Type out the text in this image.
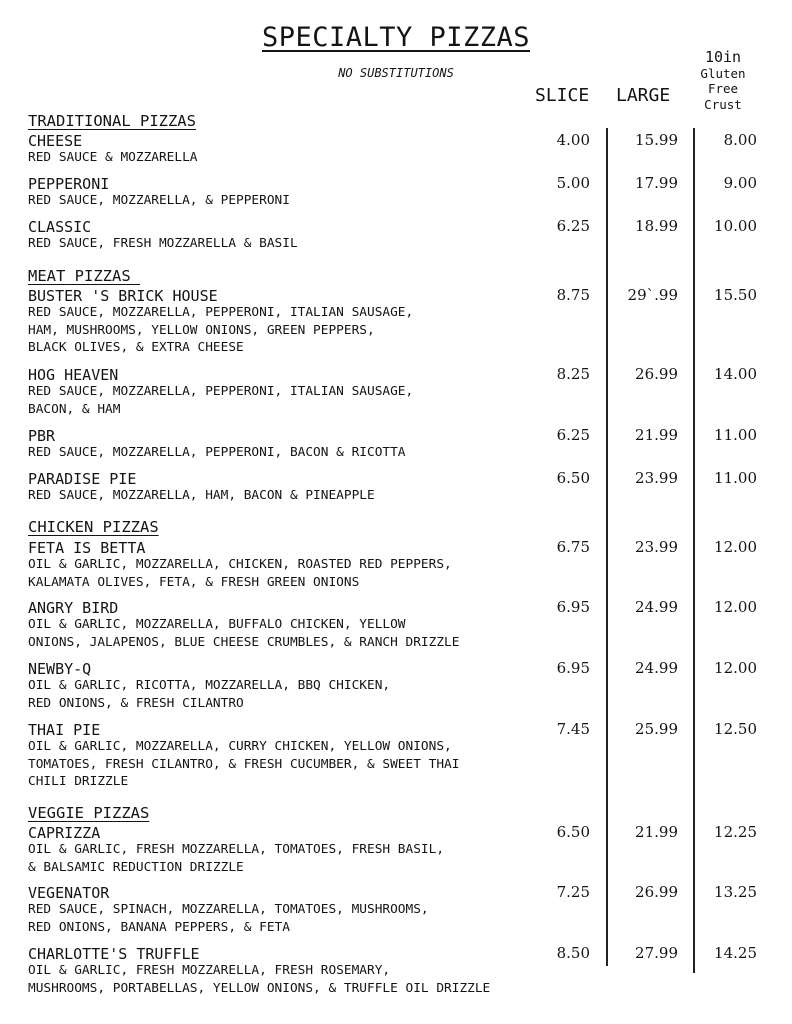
SPECIALTY PIZZAS
NO SUBSTITUTIONS
SLICE LARGE
10in
Gluten
Free
Crust
TRADITIONAL PIZZAS
CHEESE
RED SAUCE & MOZZARELLA
4.00	15.99	8.00
PEPPERONI
RED SAUCE, MOZZARELLA, & PEPPERONI
5.00	17.99	9.00
CLASSIC
RED SAUCE, FRESH MOZZARELLA & BASIL
6.25	18.99 10.00
MEAT PIZZAS
BUSTER 'S BRICK HOUSE
RED SAUCE, MOZZARELLA, PEPPERONI, ITALIAN SAUSAGE,
HAM, MUSHROOMS, YELLOW ONIONS, GREEN PEPPERS,
BLACK OLIVES, & EXTRA CHEESE
8.75	29`.99 15.50
HOG HEAVEN
RED SAUCE, MOZZARELLA, PEPPERONI, ITALIAN SAUSAGE,
BACON, & HAM
8.25	26.99 14.00
PBR
RED SAUCE, MOZZARELLA, PEPPERONI, BACON & RICOTTA
6.25	21.99 11.00
PARADISE PIE
RED SAUCE, MOZZARELLA, HAM, BACON & PINEAPPLE
6.50	23.99 11.00
CHICKEN PIZZAS
FETA IS BETTA
OIL & GARLIC, MOZZARELLA, CHICKEN, ROASTED RED PEPPERS,
KALAMATA OLIVES, FETA, & FRESH GREEN ONIONS
6.75	23.99 12.00
ANGRY BIRD
OIL & GARLIC, MOZZARELLA, BUFFALO CHICKEN, YELLOW
ONIONS, JALAPENOS, BLUE CHEESE CRUMBLES, & RANCH DRIZZLE
6.95	24.99 12.00
NEWBY-Q
OIL & GARLIC, RICOTTA, MOZZARELLA, BBQ CHICKEN,
RED ONIONS, & FRESH CILANTRO
6.95	24.99 12.00
THAI PIE
OIL & GARLIC, MOZZARELLA, CURRY CHICKEN, YELLOW ONIONS,
TOMATOES, FRESH CILANTRO, & FRESH CUCUMBER, & SWEET THAI
CHILI DRIZZLE
7.45	25.99 12.50
VEGGIE PIZZAS
CAPRIZZA
OIL & GARLIC, FRESH MOZZARELLA, TOMATOES, FRESH BASIL,
& BALSAMIC REDUCTION DRIZZLE
6.50	21.99 12.25
VEGENATOR
RED SAUCE, SPINACH, MOZZARELLA, TOMATOES, MUSHROOMS,
RED ONIONS, BANANA PEPPERS, & FETA
7.25	26.99 13.25
CHARLOTTE'S TRUFFLE
OIL & GARLIC, FRESH MOZZARELLA, FRESH ROSEMARY,
MUSHROOMS, PORTABELLAS, YELLOW ONIONS, & TRUFFLE OIL DRIZZLE
8.50	27.99 14.25
